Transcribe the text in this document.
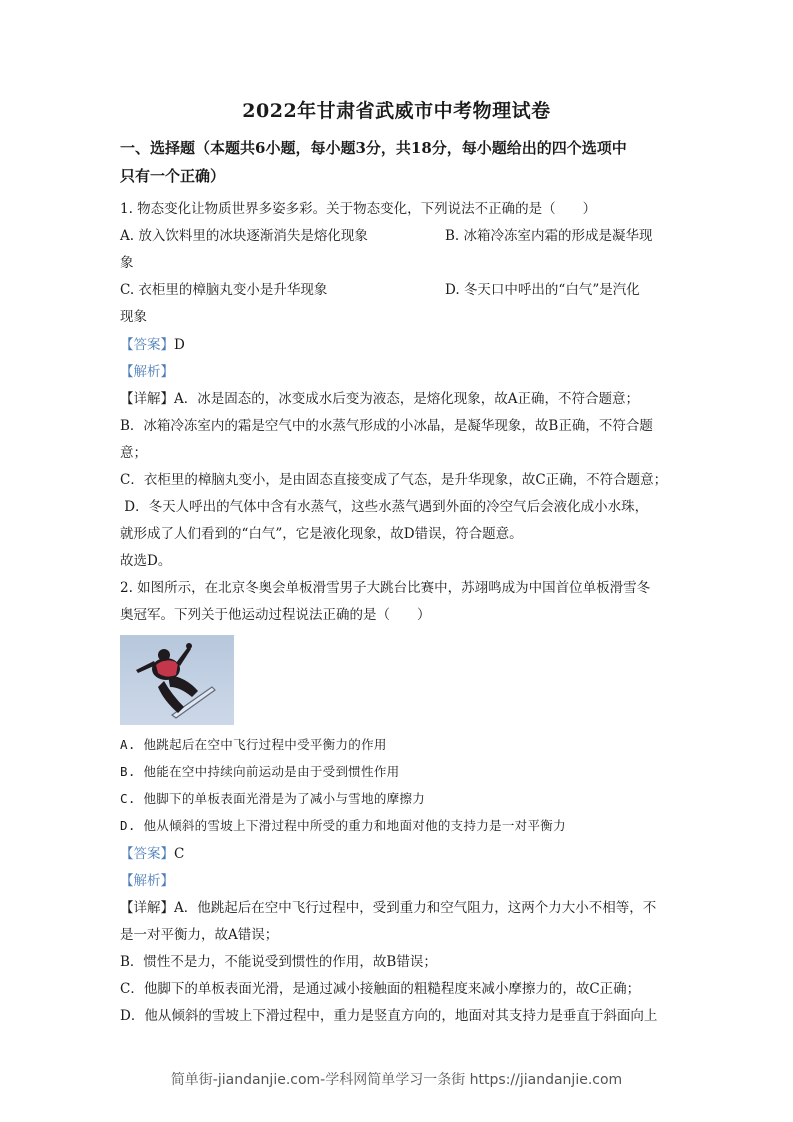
2022年甘肃省武威市中考物理试卷
一、选择题（本题共6小题，每小题3分，共18分，每小题给出的四个选项中
只有一个正确）
1. 物态变化让物质世界多姿多彩。关于物态变化，下列说法不正确的是（　　）
A. 放入饮料里的冰块逐渐消失是熔化现象	B. 冰箱冷冻室内霜的形成是凝华现
象
C. 衣柜里的樟脑丸变小是升华现象	D. 冬天口中呼出的“白气”是汽化
现象
【答案】D
【解析】
【详解】A．冰是固态的，冰变成水后变为液态，是熔化现象，故A正确，不符合题意；
B．冰箱冷冻室内的霜是空气中的水蒸气形成的小冰晶，是凝华现象，故B正确，不符合题
意；
C．衣柜里的樟脑丸变小，是由固态直接变成了气态，是升华现象，故C正确，不符合题意；
D．冬天人呼出的气体中含有水蒸气，这些水蒸气遇到外面的冷空气后会液化成小水珠，
就形成了人们看到的“白气”，它是液化现象，故D错误，符合题意。
故选D。
2. 如图所示，在北京冬奥会单板滑雪男子大跳台比赛中，苏翊鸣成为中国首位单板滑雪冬
奥冠军。下列关于他运动过程说法正确的是（　　）
A. 他跳起后在空中飞行过程中受平衡力的作用
B. 他能在空中持续向前运动是由于受到惯性作用
C. 他脚下的单板表面光滑是为了减小与雪地的摩擦力
D. 他从倾斜的雪坡上下滑过程中所受的重力和地面对他的支持力是一对平衡力
【答案】C
【解析】
【详解】A．他跳起后在空中飞行过程中，受到重力和空气阻力，这两个力大小不相等，不
是一对平衡力，故A错误；
B．惯性不是力，不能说受到惯性的作用，故B错误；
C．他脚下的单板表面光滑，是通过减小接触面的粗糙程度来减小摩擦力的，故C正确；
D．他从倾斜的雪坡上下滑过程中，重力是竖直方向的，地面对其支持力是垂直于斜面向上
简单街-jiandanjie.com-学科网简单学习一条街 https://jiandanjie.com
